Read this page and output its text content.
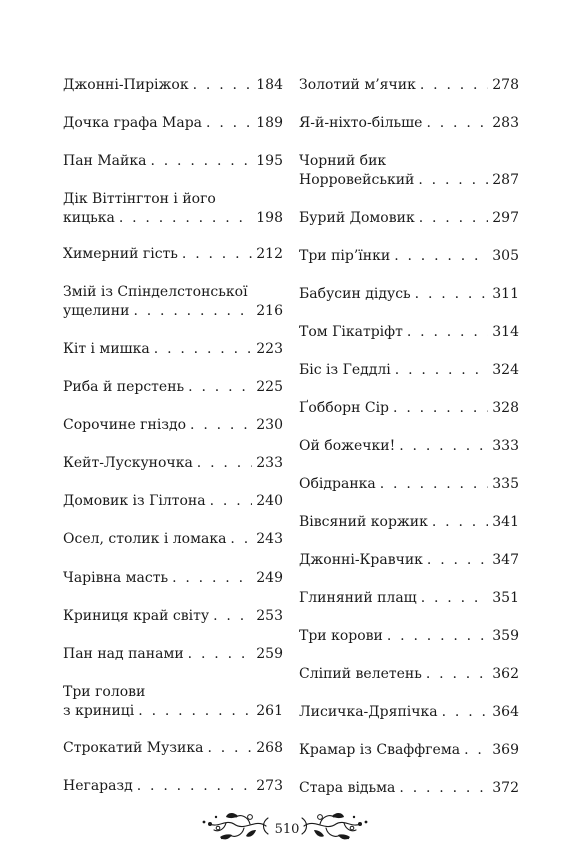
Джонні-Пиріжок . . .	184
Дочка графа Мара . . .	189
Пан Майка . . .	195
Дік Віттінгтон і його
кицька . . .	198
Химерний гість . . .	212
Змій із Спінделстонської
ущелини . . .	216
Кіт і мишка . . .	223
Риба й перстень . . .	225
Сорочине гніздо . . .	230
Кейт-Лускуночка . . .	233
Домовик із Гілтона . . .	240
Осел, столик і ломака . . . 243
Чарівна масть . . .	249
Криниця край світу . . .	253
Пан над панами . . .	259
Три голови
з криниці . . .	261
Строкатий Музика . . .	268
Негаразд . . .	273
Золотий м’ячик . . .	278
Я-й-ніхто-більше . . .	283
Чорний бик
Норровейський . . .	287
Бурий Домовик . . .	297
Три пір’їнки . . .	305
Бабусин дідусь . . .	311
Том Гікатріфт . . .	314
Біс із Геддлі . . .	324
Ґобборн Сір . . .	328
Ой божечки! . . .	333
Обідранка . . .	335
Вівсяний коржик . . .	341
Джонні-Кравчик . . .	347
Глиняний плащ . . .	351
Три корови . . .	359
Сліпий велетень . . .	362
Лисичка-Дряпічка . . .	364
Крамар із Сваффгема . . . 369
Стара відьма . . .	372
510
